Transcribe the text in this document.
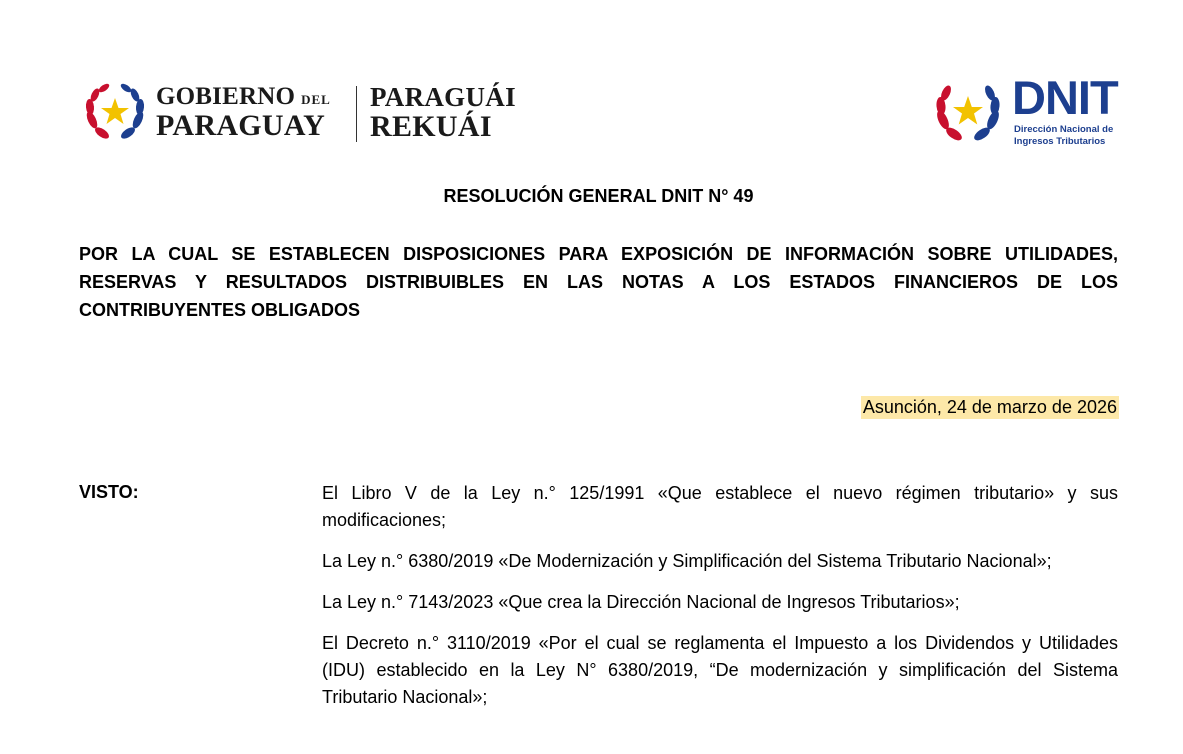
GOBIERNO DEL
PARAGUAY
PARAGUÁI
REKUÁI
DNIT
Dirección Nacional de
Ingresos Tributarios
RESOLUCIÓN GENERAL DNIT N° 49
POR LA CUAL SE ESTABLECEN DISPOSICIONES PARA EXPOSICIÓN DE INFORMACIÓN SOBRE UTILIDADES, RESERVAS Y RESULTADOS DISTRIBUIBLES EN LAS NOTAS A LOS ESTADOS FINANCIEROS DE LOS CONTRIBUYENTES OBLIGADOS
Asunción, 24 de marzo de 2026
VISTO:	El Libro V de la Ley n.° 125/1991 «Que establece el nuevo régimen tributario» y sus modificaciones;

La Ley n.° 6380/2019 «De Modernización y Simplificación del Sistema Tributario Nacional»;

La Ley n.° 7143/2023 «Que crea la Dirección Nacional de Ingresos Tributarios»;

El Decreto n.° 3110/2019 «Por el cual se reglamenta el Impuesto a los Dividendos y Utilidades (IDU) establecido en la Ley N° 6380/2019, “De modernización y simplificación del Sistema Tributario Nacional»;
